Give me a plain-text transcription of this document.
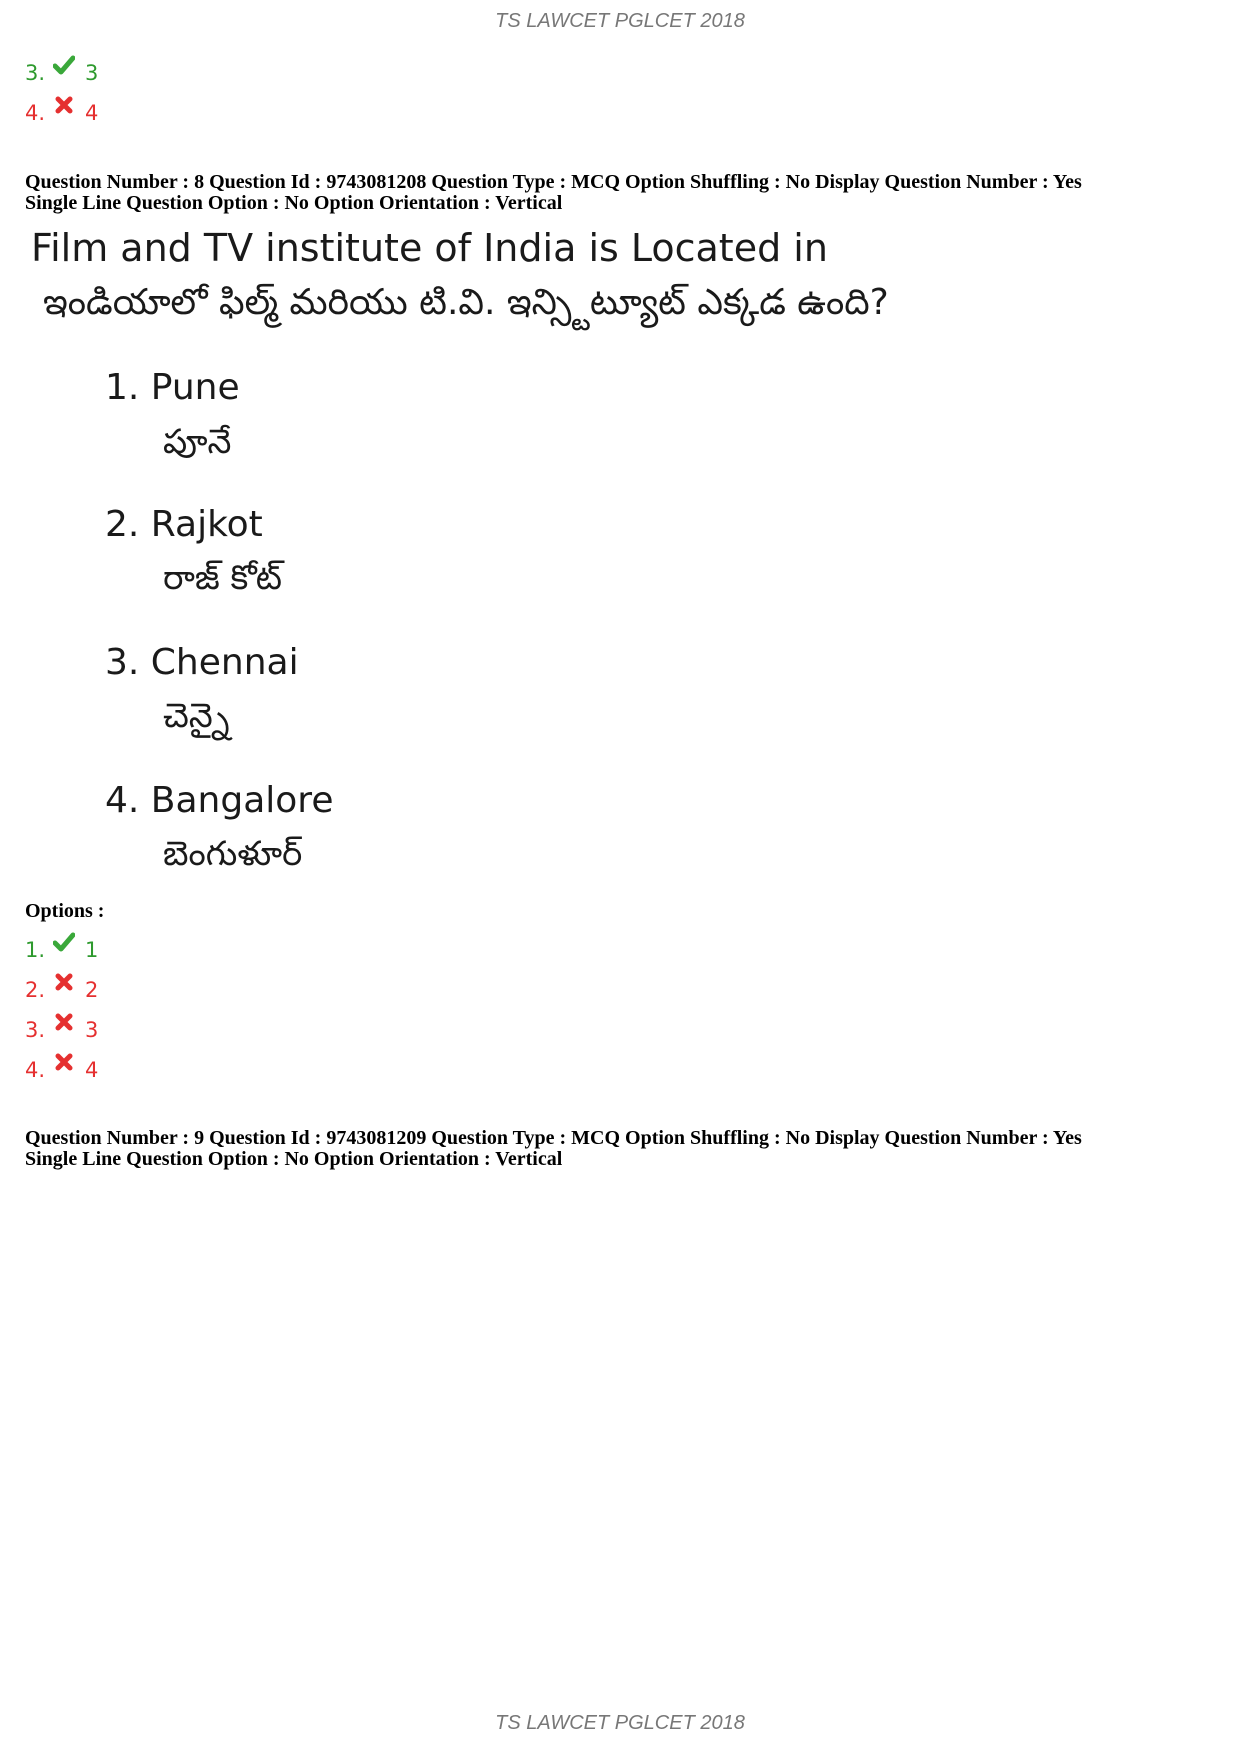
TS LAWCET PGLCET 2018
3. 3
4. 4
Question Number : 8 Question Id : 9743081208 Question Type : MCQ Option Shuffling : No Display Question Number : Yes
Single Line Question Option : No Option Orientation : Vertical
Film and TV institute of India is Located in
ఇండియాలో ఫిల్మ్ మరియు టి.వి. ఇన్స్టిట్యూట్ ఎక్కడ ఉంది?
1. Pune
పూనే
2. Rajkot
రాజ్ కోట్
3. Chennai
చెన్నై
4. Bangalore
బెంగుళూర్
Options :
1. 1
2. 2
3. 3
4. 4
Question Number : 9 Question Id : 9743081209 Question Type : MCQ Option Shuffling : No Display Question Number : Yes
Single Line Question Option : No Option Orientation : Vertical
TS LAWCET PGLCET 2018
